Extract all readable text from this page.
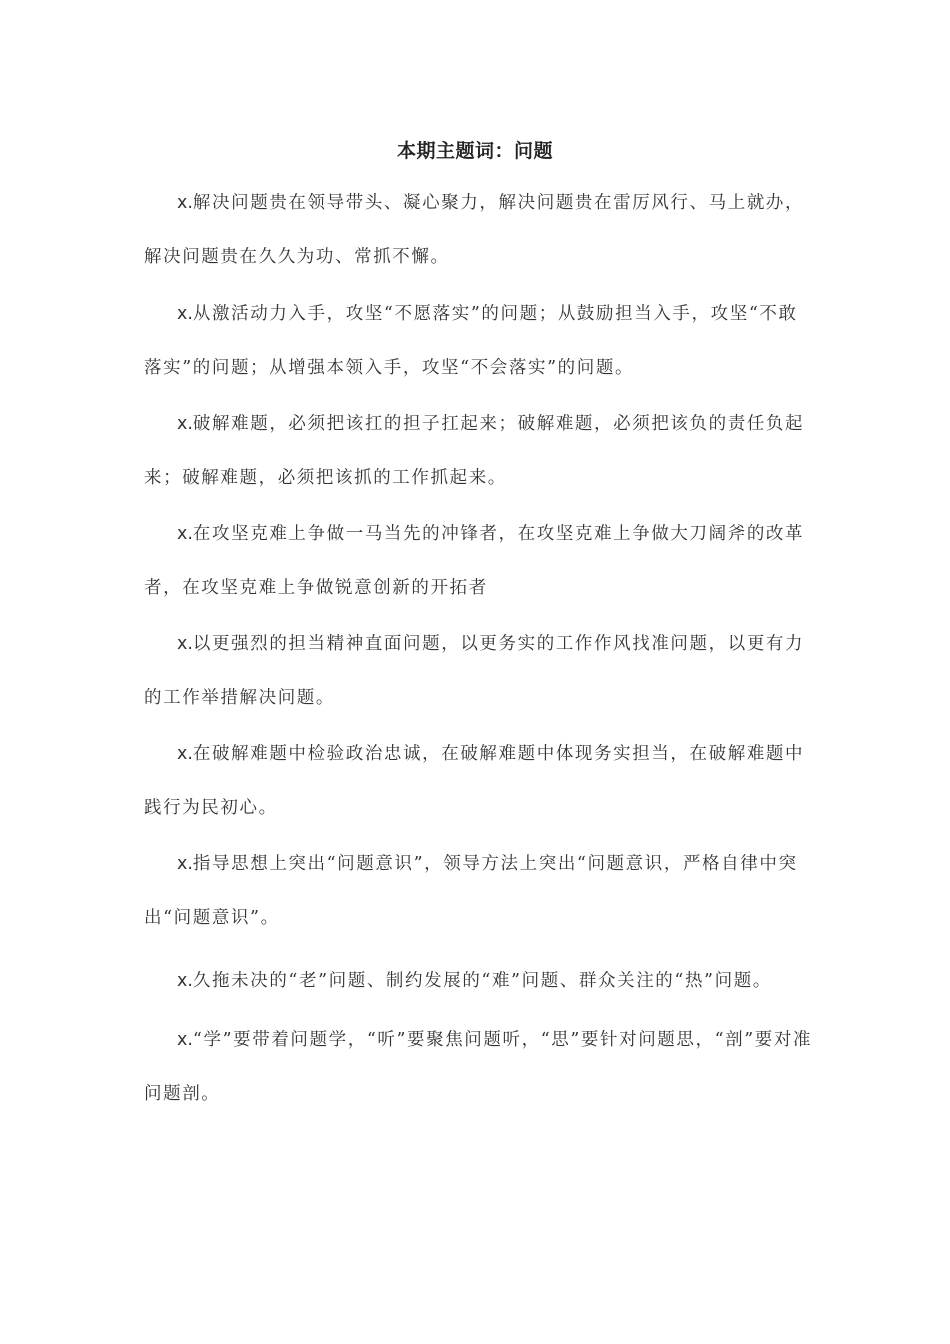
本期主题词：问题

x.解决问题贵在领导带头、凝心聚力，解决问题贵在雷厉风行、马上就办，解决问题贵在久久为功、常抓不懈。

x.从激活动力入手，攻坚“不愿落实”的问题；从鼓励担当入手，攻坚“不敢落实”的问题；从增强本领入手，攻坚“不会落实”的问题。

x.破解难题，必须把该扛的担子扛起来；破解难题，必须把该负的责任负起来；破解难题，必须把该抓的工作抓起来。

x.在攻坚克难上争做一马当先的冲锋者，在攻坚克难上争做大刀阔斧的改革者，在攻坚克难上争做锐意创新的开拓者

x.以更强烈的担当精神直面问题，以更务实的工作作风找准问题，以更有力的工作举措解决问题。

x.在破解难题中检验政治忠诚，在破解难题中体现务实担当，在破解难题中践行为民初心。

x.指导思想上突出“问题意识”，领导方法上突出“问题意识，严格自律中突出“问题意识”。

x.久拖未决的“老”问题、制约发展的“难”问题、群众关注的“热”问题。

x.“学”要带着问题学，“听”要聚焦问题听，“思”要针对问题思，“剖”要对准问题剖。
